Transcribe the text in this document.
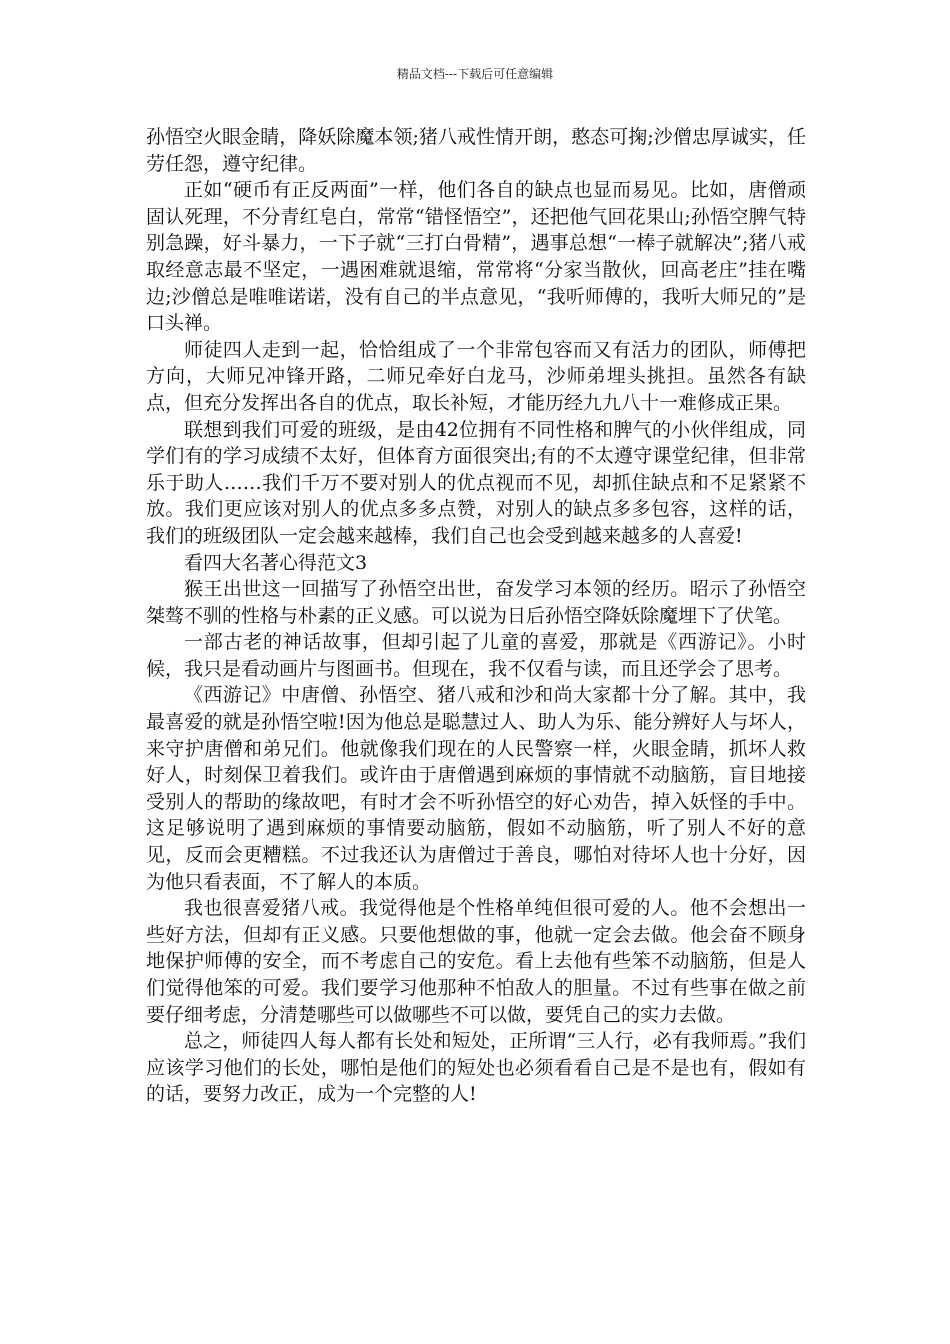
精品文档---下载后可任意编辑

孙悟空火眼金睛，降妖除魔本领;猪八戒性情开朗，憨态可掬;沙僧忠厚诚实，任劳任怨，遵守纪律。

正如“硬币有正反两面”一样，他们各自的缺点也显而易见。比如，唐僧顽固认死理，不分青红皂白，常常“错怪悟空”，还把他气回花果山;孙悟空脾气特别急躁，好斗暴力，一下子就“三打白骨精”，遇事总想“一棒子就解决”;猪八戒取经意志最不坚定，一遇困难就退缩，常常将“分家当散伙，回高老庄”挂在嘴边;沙僧总是唯唯诺诺，没有自己的半点意见，“我听师傅的，我听大师兄的”是口头禅。

师徒四人走到一起，恰恰组成了一个非常包容而又有活力的团队，师傅把方向，大师兄冲锋开路，二师兄牵好白龙马，沙师弟埋头挑担。虽然各有缺点，但充分发挥出各自的优点，取长补短，才能历经九九八十一难修成正果。

联想到我们可爱的班级，是由42位拥有不同性格和脾气的小伙伴组成，同学们有的学习成绩不太好，但体育方面很突出;有的不太遵守课堂纪律，但非常乐于助人……我们千万不要对别人的优点视而不见，却抓住缺点和不足紧紧不放。我们更应该对别人的优点多多点赞，对别人的缺点多多包容，这样的话，我们的班级团队一定会越来越棒，我们自己也会受到越来越多的人喜爱!

看四大名著心得范文3

猴王出世这一回描写了孙悟空出世，奋发学习本领的经历。昭示了孙悟空桀骜不驯的性格与朴素的正义感。可以说为日后孙悟空降妖除魔埋下了伏笔。

一部古老的神话故事，但却引起了儿童的喜爱，那就是《西游记》。小时候，我只是看动画片与图画书。但现在，我不仅看与读，而且还学会了思考。

《西游记》中唐僧、孙悟空、猪八戒和沙和尚大家都十分了解。其中，我最喜爱的就是孙悟空啦!因为他总是聪慧过人、助人为乐、能分辨好人与坏人，来守护唐僧和弟兄们。他就像我们现在的人民警察一样，火眼金睛，抓坏人救好人，时刻保卫着我们。或许由于唐僧遇到麻烦的事情就不动脑筋，盲目地接受别人的帮助的缘故吧，有时才会不听孙悟空的好心劝告，掉入妖怪的手中。这足够说明了遇到麻烦的事情要动脑筋，假如不动脑筋，听了别人不好的意见，反而会更糟糕。不过我还认为唐僧过于善良，哪怕对待坏人也十分好，因为他只看表面，不了解人的本质。

我也很喜爱猪八戒。我觉得他是个性格单纯但很可爱的人。他不会想出一些好方法，但却有正义感。只要他想做的事，他就一定会去做。他会奋不顾身地保护师傅的安全，而不考虑自己的安危。看上去他有些笨不动脑筋，但是人们觉得他笨的可爱。我们要学习他那种不怕敌人的胆量。不过有些事在做之前要仔细考虑，分清楚哪些可以做哪些不可以做，要凭自己的实力去做。

总之，师徒四人每人都有长处和短处，正所谓“三人行，必有我师焉。”我们应该学习他们的长处，哪怕是他们的短处也必须看看自己是不是也有，假如有的话，要努力改正，成为一个完整的人!
